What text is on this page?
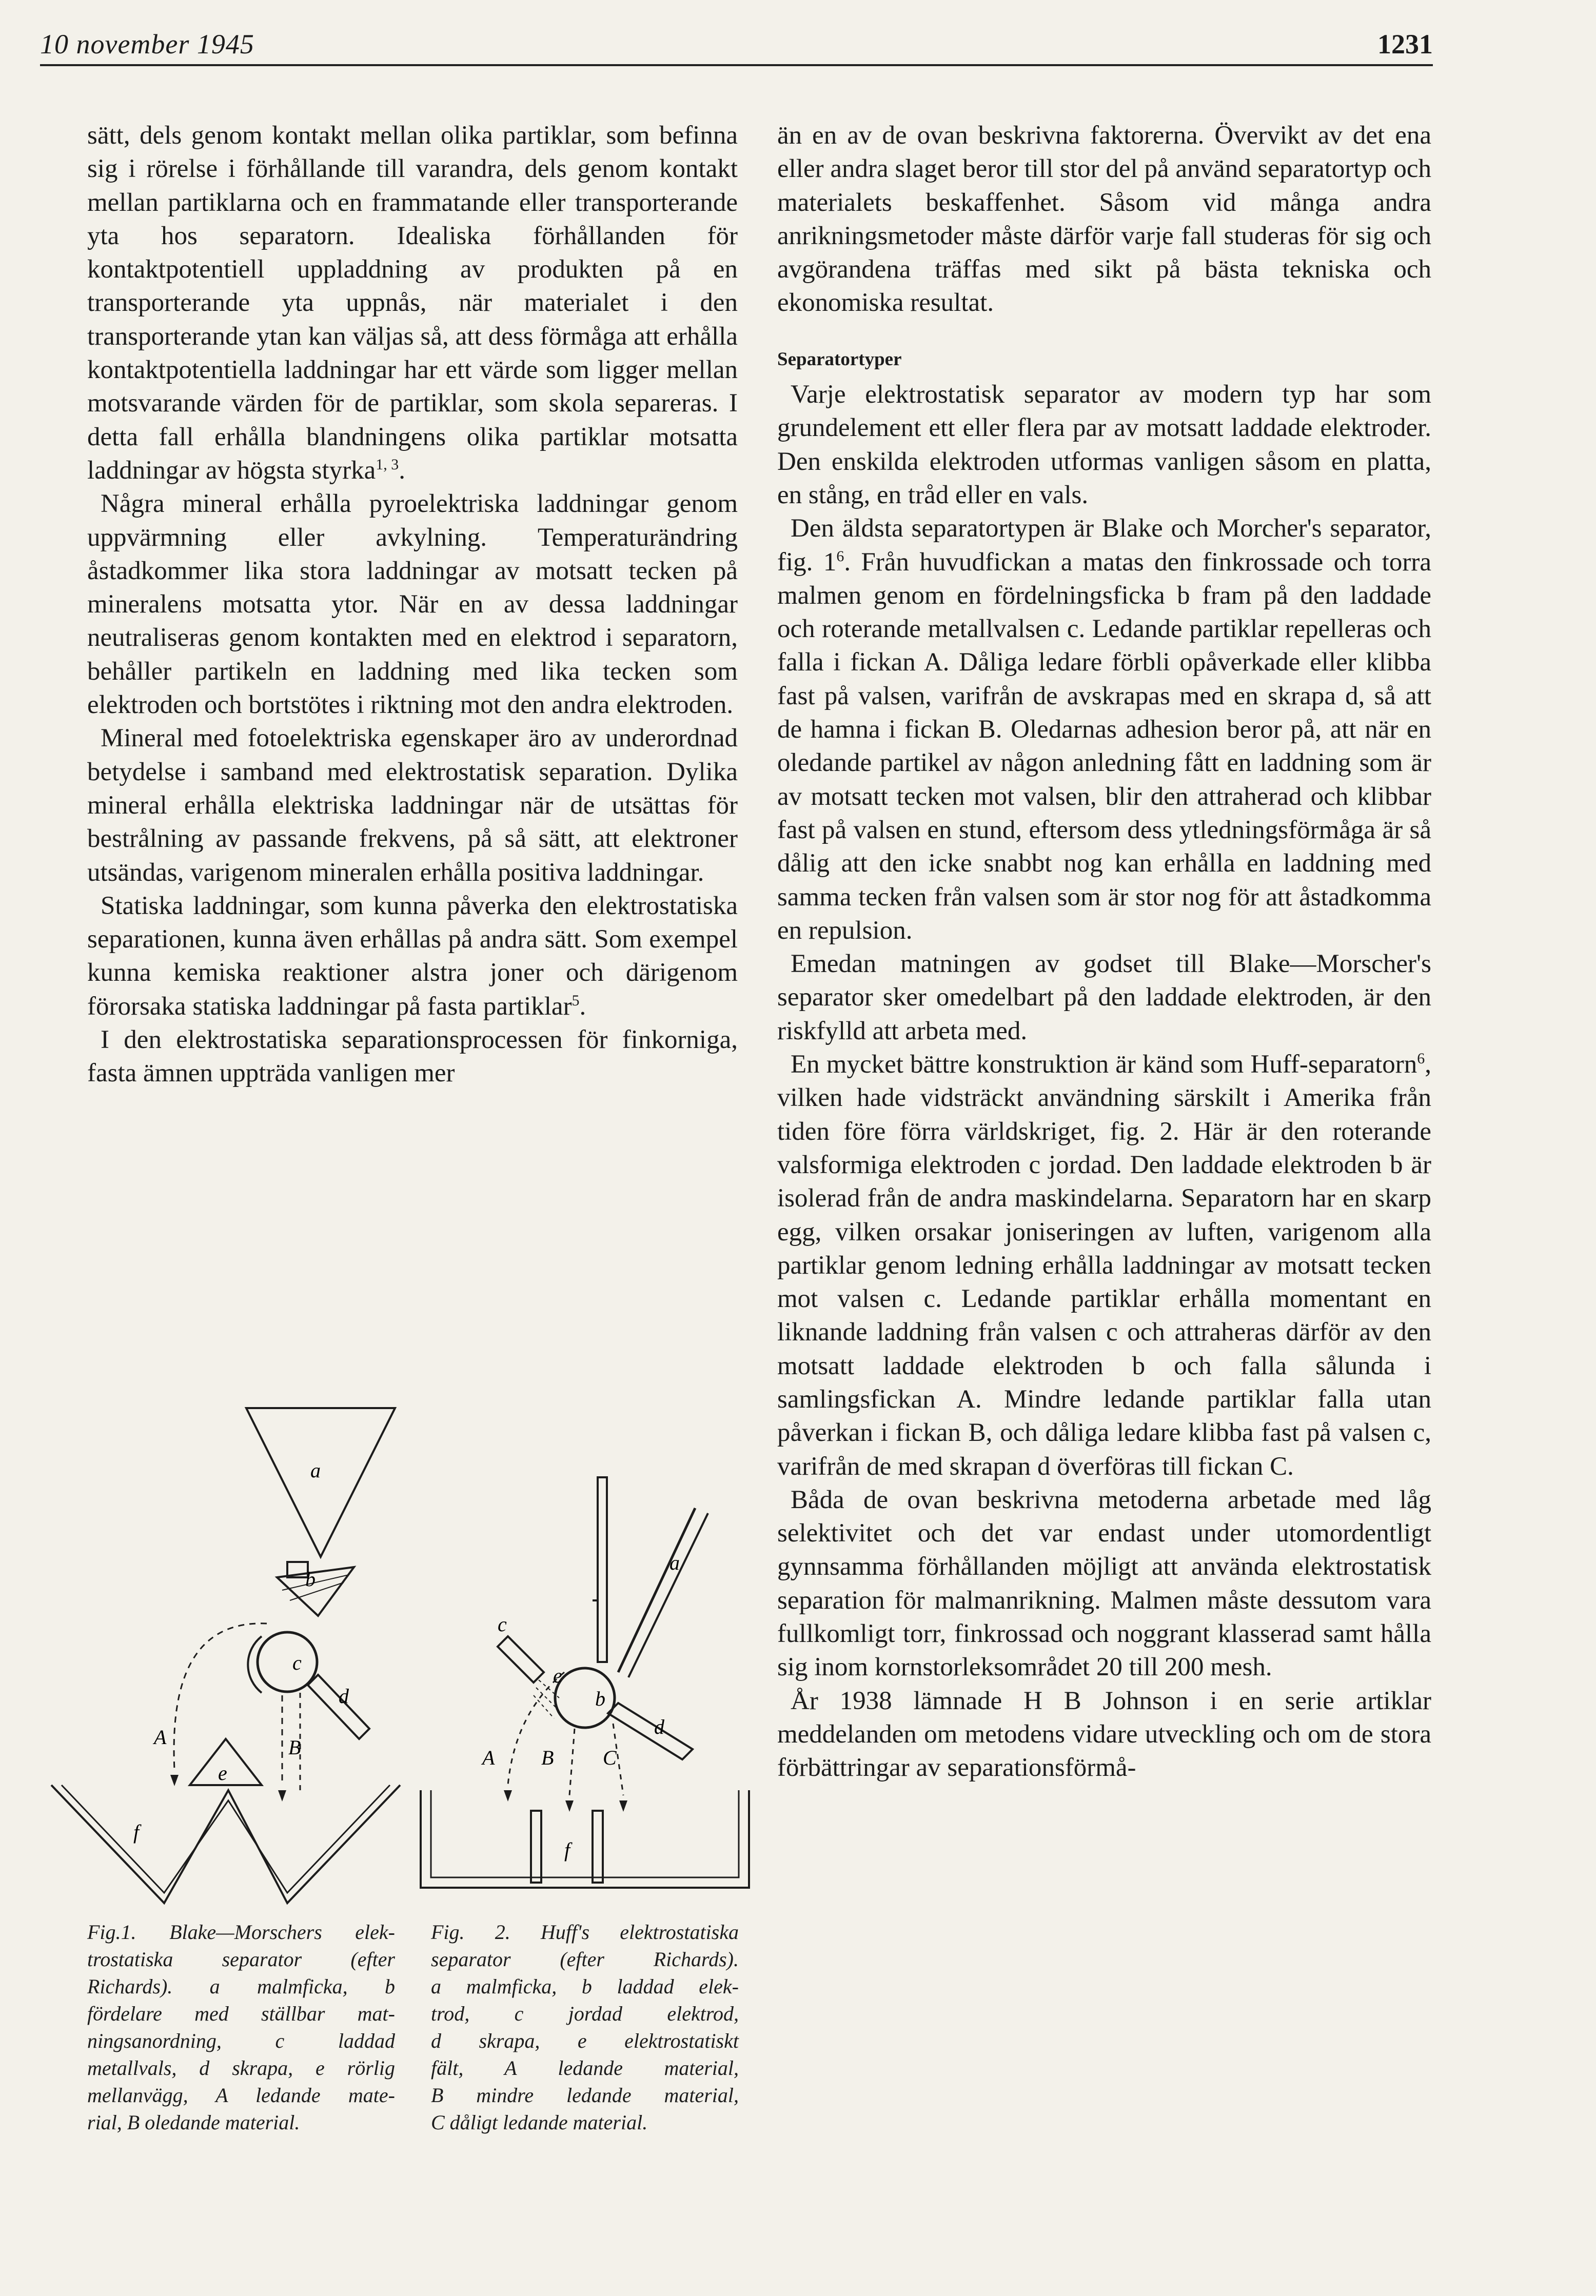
10 november 1945	1231

sätt, dels genom kontakt mellan olika partiklar, som befinna sig i rörelse i förhållande till varandra, dels genom kontakt mellan partiklarna och en frammatande eller transporterande yta hos separatorn. Idealiska förhållanden för kontaktpotentiell uppladdning av produkten på en transporterande yta uppnås, när materialet i den transporterande ytan kan väljas så, att dess förmåga att erhålla kontaktpotentiella laddningar har ett värde som ligger mellan motsvarande värden för de partiklar, som skola separeras. I detta fall erhålla blandningens olika partiklar motsatta laddningar av högsta styrka$^{1, 3}$.

Några mineral erhålla pyroelektriska laddningar genom uppvärmning eller avkylning. Temperaturändring åstadkommer lika stora laddningar av motsatt tecken på mineralens motsatta ytor. När en av dessa laddningar neutraliseras genom kontakten med en elektrod i separatorn, behåller partikeln en laddning med lika tecken som elektroden och bortstötes i riktning mot den andra elektroden.

Mineral med fotoelektriska egenskaper äro av underordnad betydelse i samband med elektrostatisk separation. Dylika mineral erhålla elektriska laddningar när de utsättas för bestrålning av passande frekvens, på så sätt, att elektroner utsändas, varigenom mineralen erhålla positiva laddningar.

Statiska laddningar, som kunna påverka den elektrostatiska separationen, kunna även erhållas på andra sätt. Som exempel kunna kemiska reaktioner alstra joner och därigenom förorsaka statiska laddningar på fasta partiklar$^5$.

I den elektrostatiska separationsprocessen för finkorniga, fasta ämnen uppträda vanligen mer

än en av de ovan beskrivna faktorerna. Övervikt av det ena eller andra slaget beror till stor del på använd separatortyp och materialets beskaffenhet. Såsom vid många andra anrikningsmetoder måste därför varje fall studeras för sig och avgörandena träffas med sikt på bästa tekniska och ekonomiska resultat.

Separatortyper

Varje elektrostatisk separator av modern typ har som grundelement ett eller flera par av motsatt laddade elektroder. Den enskilda elektroden utformas vanligen såsom en platta, en stång, en tråd eller en vals.

Den äldsta separatortypen är Blake och Morcher's separator, fig. $1^6$. Från huvudfickan a matas den finkrossade och torra malmen genom en fördelningsficka b fram på den laddade och roterande metallvalsen c. Ledande partiklar repelleras och falla i fickan A. Dåliga ledare förbli opåverkade eller klibba fast på valsen, varifrån de avskrapas med en skrapa d, så att de hamna i fickan B. Oledarnas adhesion beror på, att när en oledande partikel av någon anledning fått en laddning som är av motsatt tecken mot valsen, blir den attraherad och klibbar fast på valsen en stund, eftersom dess ytledningsförmåga är så dålig att den icke snabbt nog kan erhålla en laddning med samma tecken från valsen som är stor nog för att åstadkomma en repulsion.

Emedan matningen av godset till Blake—Morscher's separator sker omedelbart på den laddade elektroden, är den riskfylld att arbeta med.

En mycket bättre konstruktion är känd som Huff-separatorn$^6$, vilken hade vidsträckt användning särskilt i Amerika från tiden före förra världskriget, fig. 2. Här är den roterande valsformiga elektroden c jordad. Den laddade elektroden b är isolerad från de andra maskindelarna. Separatorn har en skarp egg, vilken orsakar joniseringen av luften, varigenom alla partiklar genom ledning erhålla laddningar av motsatt tecken mot valsen c. Ledande partiklar erhålla momentant en liknande laddning från valsen c och attraheras därför av den motsatt laddade elektroden b och falla sålunda i samlingsfickan A. Mindre ledande partiklar falla utan påverkan i fickan B, och dåliga ledare klibba fast på valsen c, varifrån de med skrapan d överföras till fickan C.

Båda de ovan beskrivna metoderna arbetade med låg selektivitet och det var endast under utomordentligt gynnsamma förhållanden möjligt att använda elektrostatisk separation för malmanrikning. Malmen måste dessutom vara fullkomligt torr, finkrossad och noggrant klasserad samt hålla sig inom kornstorleksområdet 20 till 200 mesh.

År 1938 lämnade H B Johnson i en serie artiklar meddelanden om metodens vidare utveckling och om de stora förbättringar av separationsförmå-

a
b
c
d
A	B
e
f
Fig.1. Blake—Morschers elek-
trostatiska separator (efter
Richards). a malmficka, b
fördelare med ställbar mat-
ningsanordning, c laddad
metallvals, d skrapa, e rörlig
mellanvägg, A ledande mate-
rial, B oledande material.
a
b
c
e
d
A B C
f
Fig. 2. Huff's elektrostatiska
separator (efter Richards).
a malmficka, b laddad elek-
trod, c jordad elektrod,
d skrapa, e elektrostatiskt
fält, A ledande material,
B mindre ledande material,
C dåligt ledande material.
